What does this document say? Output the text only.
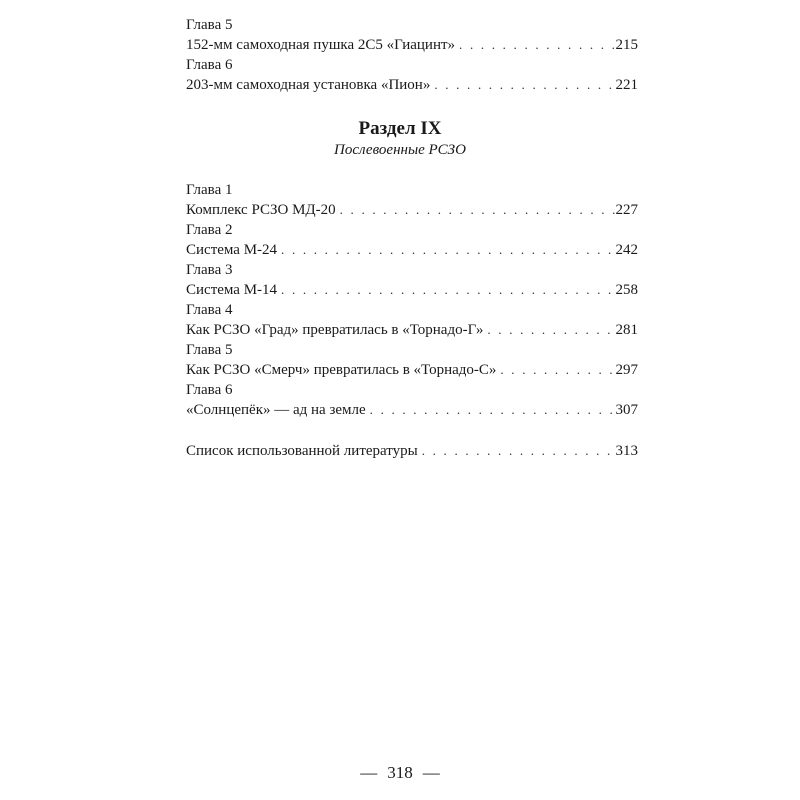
Глава 5
152-мм самоходная пушка 2С5 «Гиацинт» . . .	215
Глава 6
203-мм самоходная установка «Пион» . . .	221
Раздел IX
Послевоенные РСЗО
Глава 1
Комплекс РСЗО МД-20 . . .	227
Глава 2
Система М-24 . . .	242
Глава 3
Система М-14 . . .	258
Глава 4
Как РСЗО «Град» превратилась в «Торнадо-Г» . . .	281
Глава 5
Как РСЗО «Смерч» превратилась в «Торнадо-С» . . .	297
Глава 6
«Солнцепёк» — ад на земле . . .	307
Список использованной литературы . . .	313
— 318 —
